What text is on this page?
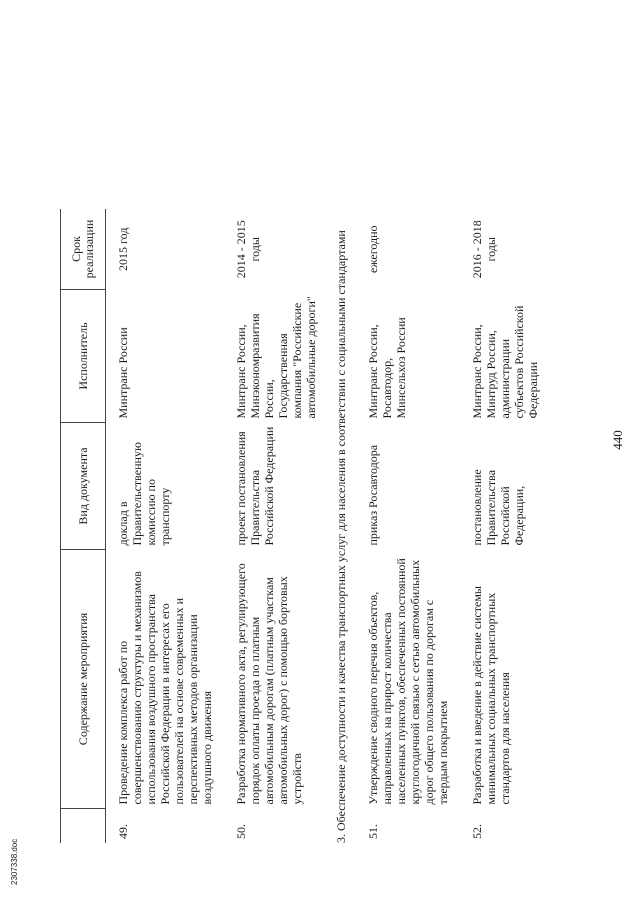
2307338.doc
	Содержание мероприятия	Вид документа	Исполнитель	Срок реализации
49.	Проведение комплекса работ по совершенствованию структуры и механизмов использования воздушного пространства Российской Федерации в интересах его пользователей на основе современных и перспективных методов организации воздушного движения	доклад в Правительственную комиссию по транспорту	Минтранс России	2015 год
50.	Разработка нормативного акта, регулирующего порядок оплаты проезда по платным автомобильным дорогам (платным участкам автомобильных дорог) с помощью бортовых устройств	проект постановления Правительства Российской Федерации	Минтранс России, Минэкономразвития России, Государственная компания "Российские автомобильные дороги"	2014 - 2015 годы
3. Обеспечение доступности и качества транспортных услуг для населения в соответствии с социальными стандартами				
51.	Утверждение сводного перечня объектов, направленных на прирост количества населенных пунктов, обеспеченных постоянной круглогодичной связью с сетью автомобильных дорог общего пользования по дорогам с твердым покрытием	приказ Росавтодора	Минтранс России, Росавтодор, Минсельхоз России	ежегодно
52.	Разработка и введение в действие системы минимальных социальных транспортных стандартов для населения	постановление Правительства Российской Федерации,	Минтранс России, Минтруд России, администрации субъектов Российской Федерации	2016 - 2018 годы
440
